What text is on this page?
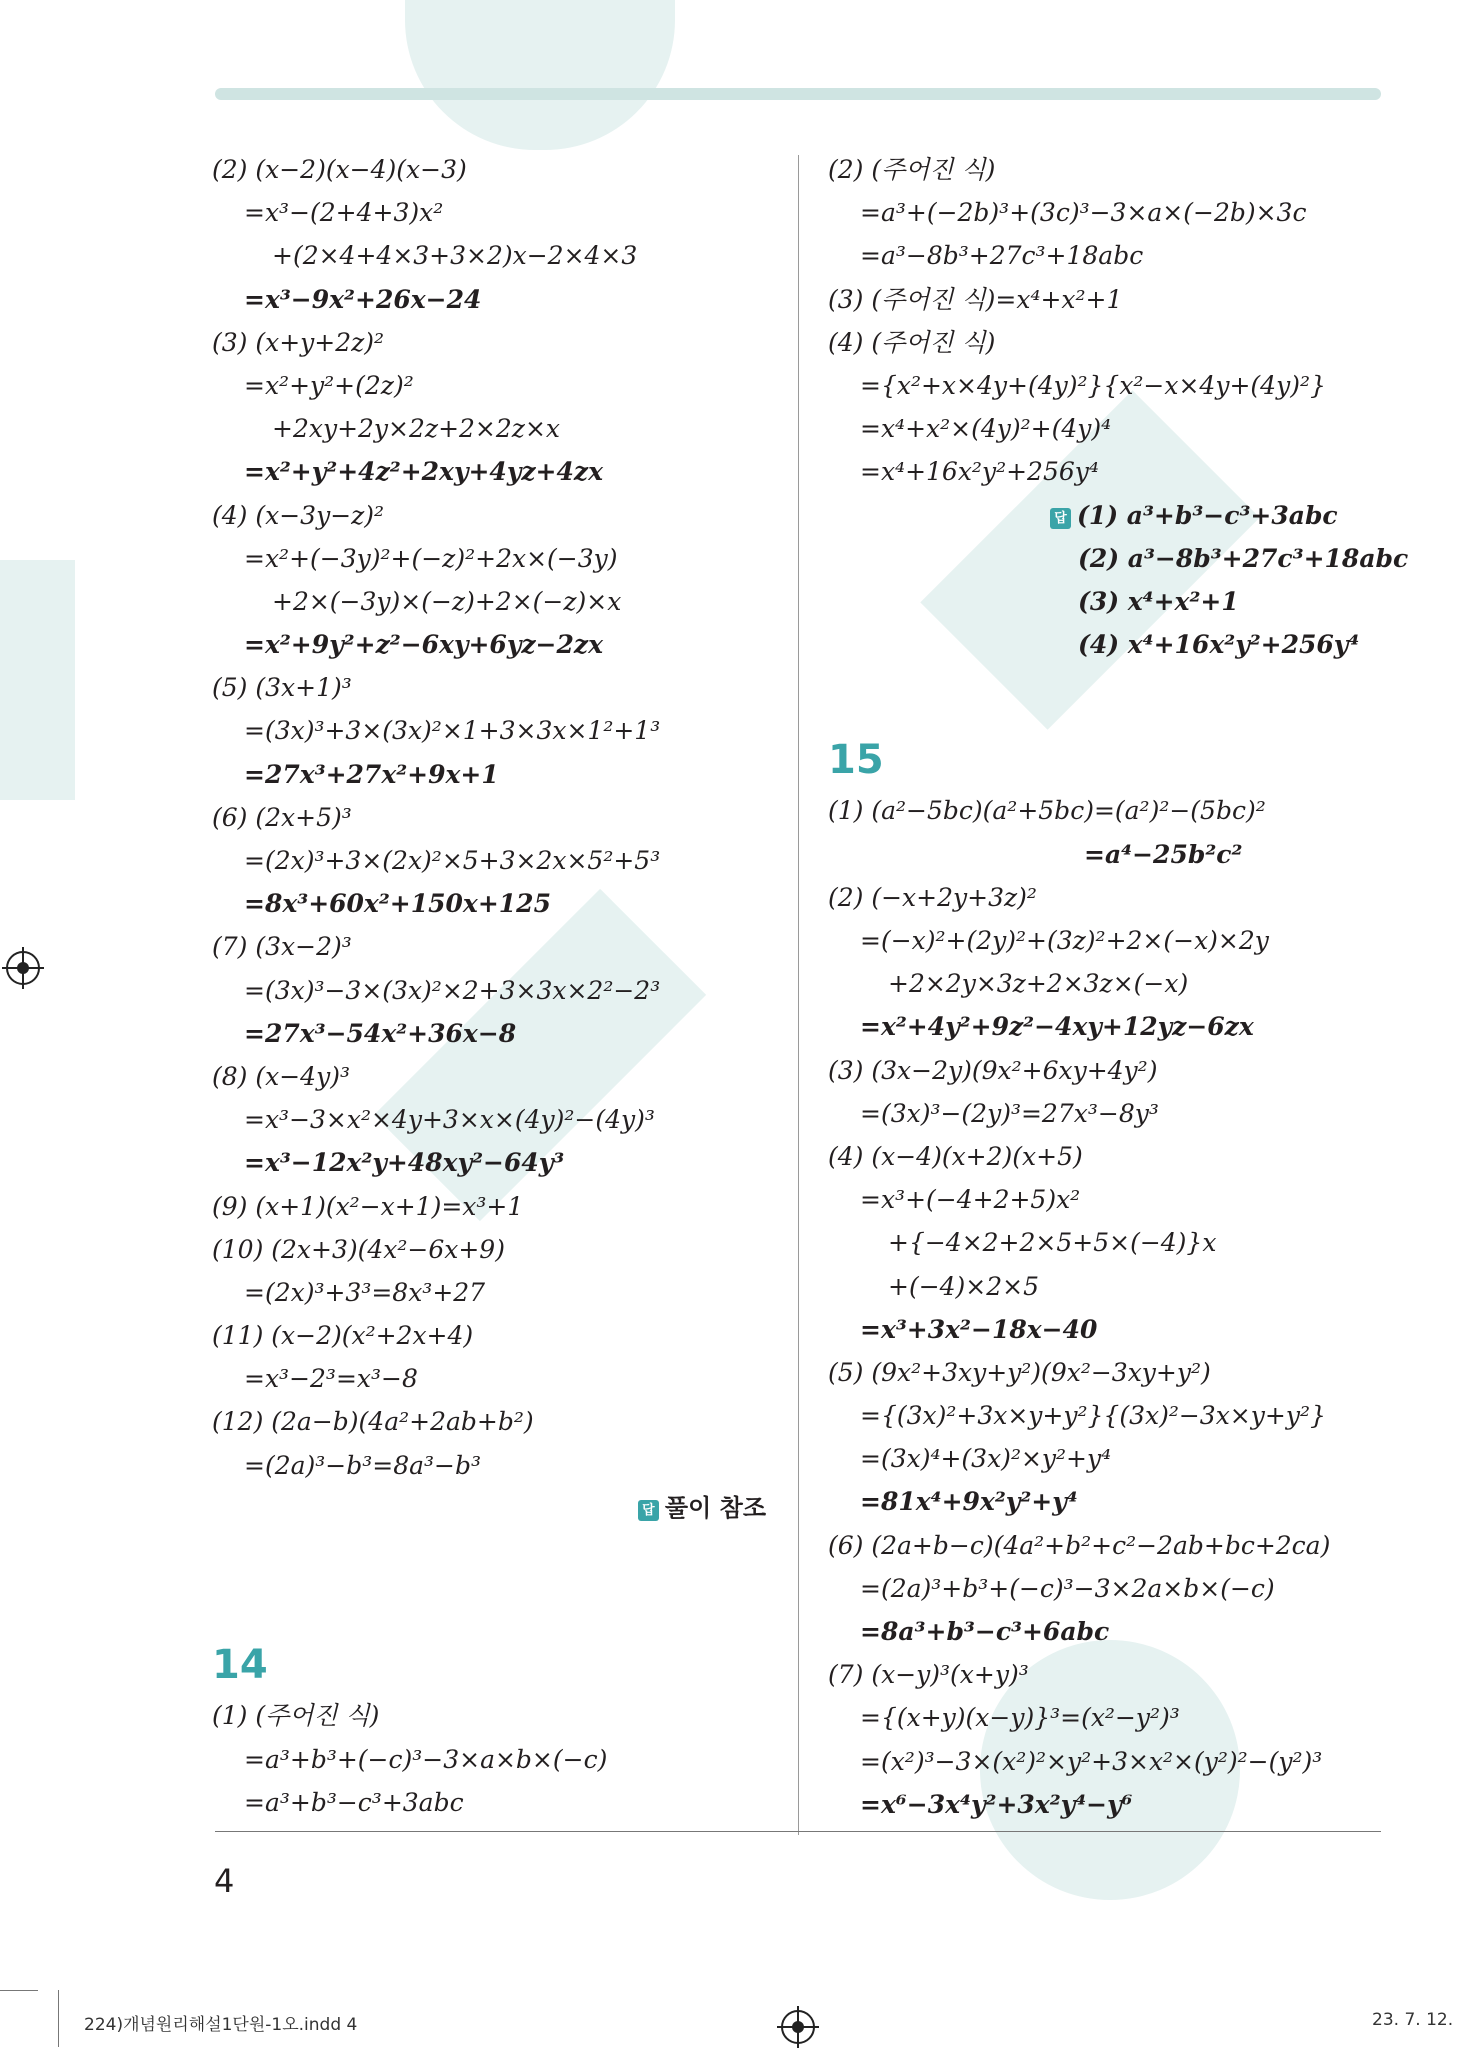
(2) (x−2)(x−4)(x−3)
=x³−(2+4+3)x²
+(2×4+4×3+3×2)x−2×4×3
=x³−9x²+26x−24
(3) (x+y+2z)²
=x²+y²+(2z)²
+2xy+2y×2z+2×2z×x
=x²+y²+4z²+2xy+4yz+4zx
(4) (x−3y−z)²
=x²+(−3y)²+(−z)²+2x×(−3y)
+2×(−3y)×(−z)+2×(−z)×x
=x²+9y²+z²−6xy+6yz−2zx
(5) (3x+1)³
=(3x)³+3×(3x)²×1+3×3x×1²+1³
=27x³+27x²+9x+1
(6) (2x+5)³
=(2x)³+3×(2x)²×5+3×2x×5²+5³
=8x³+60x²+150x+125
(7) (3x−2)³
=(3x)³−3×(3x)²×2+3×3x×2²−2³
=27x³−54x²+36x−8
(8) (x−4y)³
=x³−3×x²×4y+3×x×(4y)²−(4y)³
=x³−12x²y+48xy²−64y³
(9) (x+1)(x²−x+1)=x³+1
(10) (2x+3)(4x²−6x+9)
=(2x)³+3³=8x³+27
(11) (x−2)(x²+2x+4)
=x³−2³=x³−8
(12) (2a−b)(4a²+2ab+b²)
=(2a)³−b³=8a³−b³
답 풀이 참조
14
(1) (주어진 식)
=a³+b³+(−c)³−3×a×b×(−c)
=a³+b³−c³+3abc
(2) (주어진 식)
=a³+(−2b)³+(3c)³−3×a×(−2b)×3c
=a³−8b³+27c³+18abc
(3) (주어진 식)=x⁴+x²+1
(4) (주어진 식)
={x²+x×4y+(4y)²}{x²−x×4y+(4y)²}
=x⁴+x²×(4y)²+(4y)⁴
=x⁴+16x²y²+256y⁴
답 (1) a³+b³−c³+3abc
(2) a³−8b³+27c³+18abc
(3) x⁴+x²+1
(4) x⁴+16x²y²+256y⁴
15
(1) (a²−5bc)(a²+5bc)=(a²)²−(5bc)²
=a⁴−25b²c²
(2) (−x+2y+3z)²
=(−x)²+(2y)²+(3z)²+2×(−x)×2y
+2×2y×3z+2×3z×(−x)
=x²+4y²+9z²−4xy+12yz−6zx
(3) (3x−2y)(9x²+6xy+4y²)
=(3x)³−(2y)³=27x³−8y³
(4) (x−4)(x+2)(x+5)
=x³+(−4+2+5)x²
+{−4×2+2×5+5×(−4)}x
+(−4)×2×5
=x³+3x²−18x−40
(5) (9x²+3xy+y²)(9x²−3xy+y²)
={(3x)²+3x×y+y²}{(3x)²−3x×y+y²}
=(3x)⁴+(3x)²×y²+y⁴
=81x⁴+9x²y²+y⁴
(6) (2a+b−c)(4a²+b²+c²−2ab+bc+2ca)
=(2a)³+b³+(−c)³−3×2a×b×(−c)
=8a³+b³−c³+6abc
(7) (x−y)³(x+y)³
={(x+y)(x−y)}³=(x²−y²)³
=(x²)³−3×(x²)²×y²+3×x²×(y²)²−(y²)³
=x⁶−3x⁴y²+3x²y⁴−y⁶
4
224)개념원리해설1단원-1오.indd 4	23. 7. 12.
